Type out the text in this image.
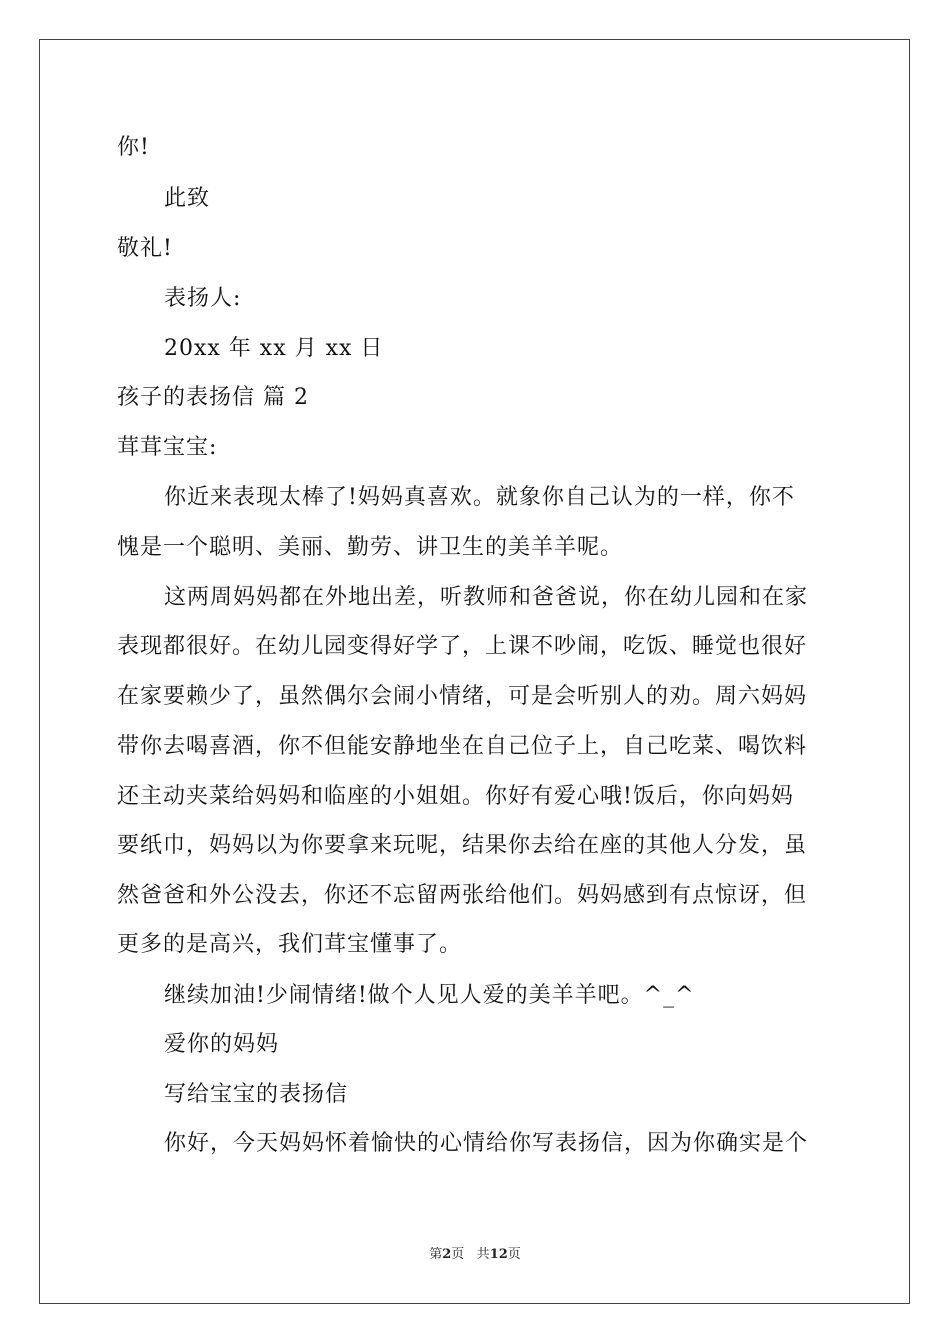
你!
此致
敬礼!
表扬人:
20xx 年 xx 月 xx 日
孩子的表扬信 篇 2
茸茸宝宝:
你近来表现太棒了!妈妈真喜欢。就象你自己认为的一样，你不
愧是一个聪明、美丽、勤劳、讲卫生的美羊羊呢。
这两周妈妈都在外地出差，听教师和爸爸说，你在幼儿园和在家
表现都很好。在幼儿园变得好学了，上课不吵闹，吃饭、睡觉也很好
在家要赖少了，虽然偶尔会闹小情绪，可是会听别人的劝。周六妈妈
带你去喝喜酒，你不但能安静地坐在自己位子上，自己吃菜、喝饮料
还主动夹菜给妈妈和临座的小姐姐。你好有爱心哦!饭后，你向妈妈
要纸巾，妈妈以为你要拿来玩呢，结果你去给在座的其他人分发，虽
然爸爸和外公没去，你还不忘留两张给他们。妈妈感到有点惊讶，但
更多的是高兴，我们茸宝懂事了。
继续加油!少闹情绪!做个人见人爱的美羊羊吧。^_^
爱你的妈妈
写给宝宝的表扬信
你好，今天妈妈怀着愉快的心情给你写表扬信，因为你确实是个
第2页 共12页
